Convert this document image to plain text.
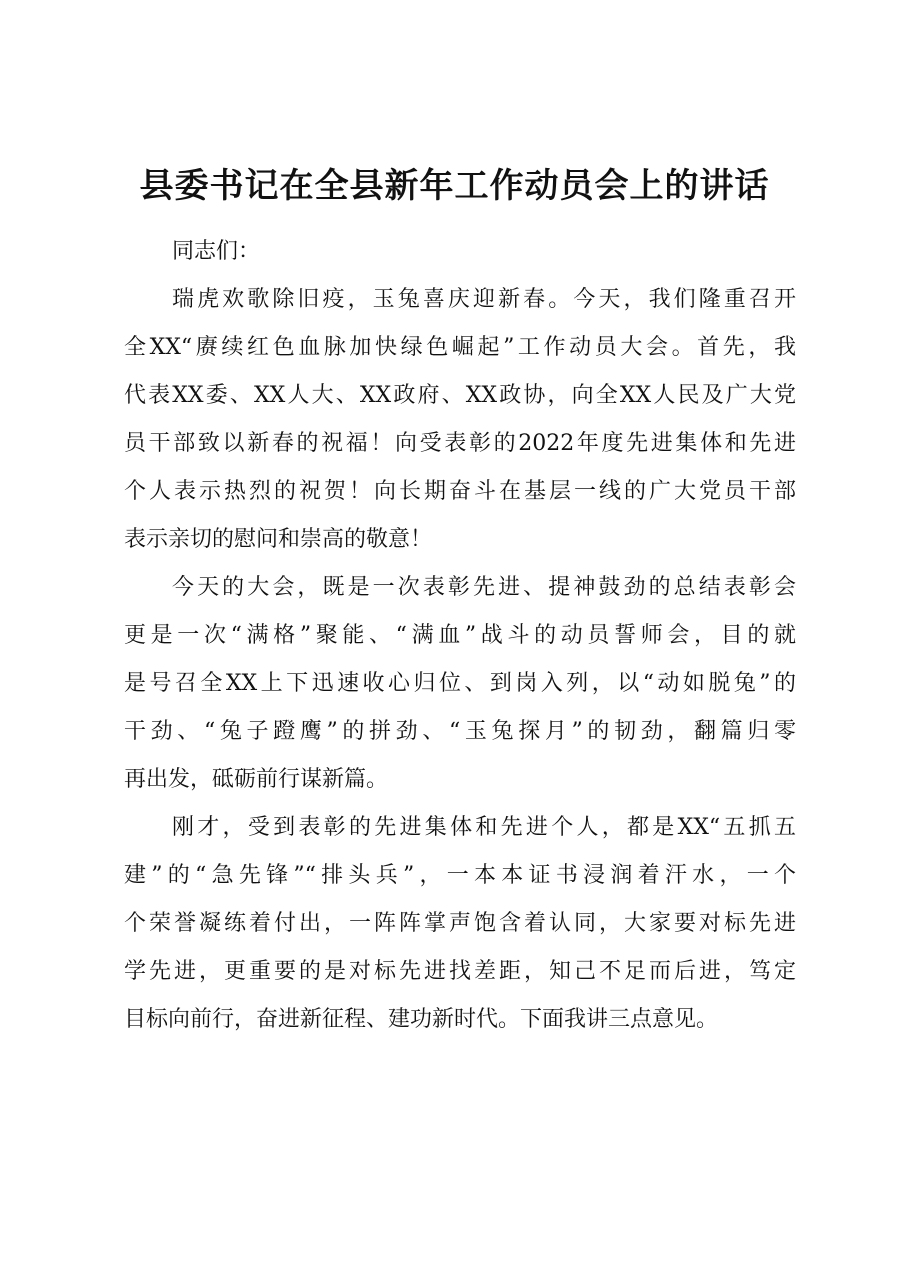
县委书记在全县新年工作动员会上的讲话
同志们：
瑞虎欢歌除旧疫，玉兔喜庆迎新春。今天，我们隆重召开
全XX“赓续红色血脉加快绿色崛起”工作动员大会。首先，我
代表XX委、XX人大、XX政府、XX政协，向全XX人民及广大党
员干部致以新春的祝福！向受表彰的2022年度先进集体和先进
个人表示热烈的祝贺！向长期奋斗在基层一线的广大党员干部
表示亲切的慰问和崇高的敬意！
今天的大会，既是一次表彰先进、提神鼓劲的总结表彰会
更是一次“满格”聚能、“满血”战斗的动员誓师会，目的就
是号召全XX上下迅速收心归位、到岗入列，以“动如脱兔”的
干劲、“兔子蹬鹰”的拼劲、“玉兔探月”的韧劲，翻篇归零
再出发，砥砺前行谋新篇。
刚才，受到表彰的先进集体和先进个人，都是XX“五抓五
建”的“急先锋”“排头兵”，一本本证书浸润着汗水，一个
个荣誉凝练着付出，一阵阵掌声饱含着认同，大家要对标先进
学先进，更重要的是对标先进找差距，知己不足而后进，笃定
目标向前行，奋进新征程、建功新时代。下面我讲三点意见。
